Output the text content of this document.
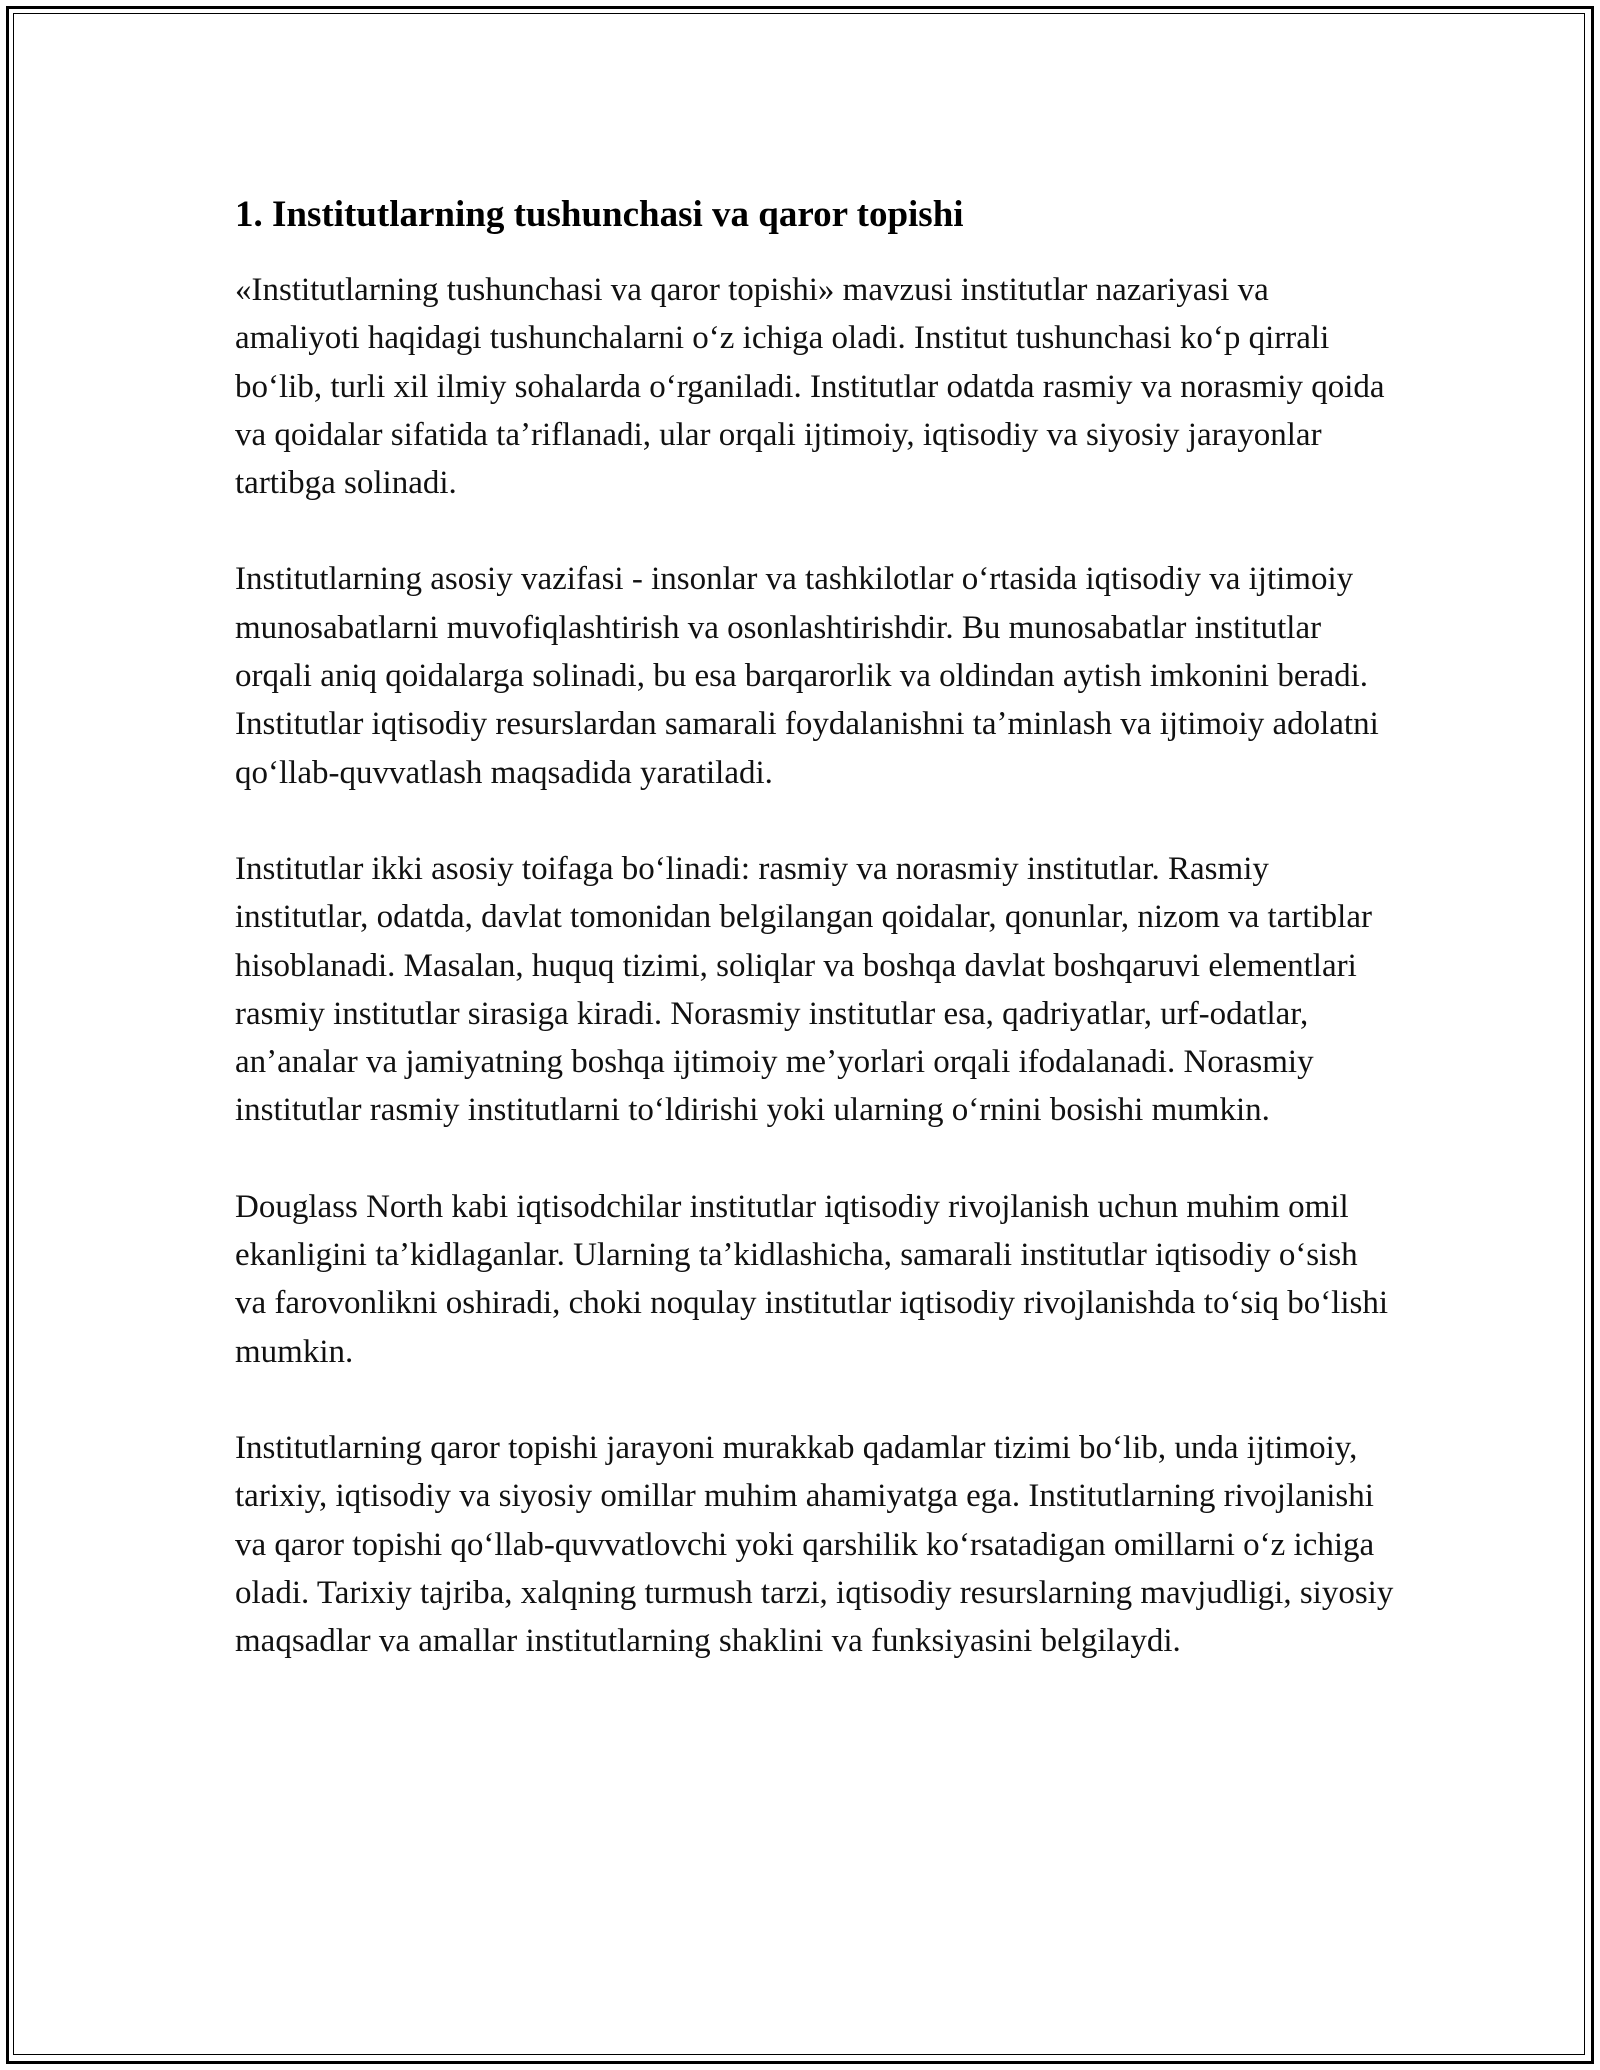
1. Institutlarning tushunchasi va qaror topishi

«Institutlarning tushunchasi va qaror topishi» mavzusi institutlar nazariyasi va amaliyoti haqidagi tushunchalarni oʻz ichiga oladi. Institut tushunchasi koʻp qirrali boʻlib, turli xil ilmiy sohalarda oʻrganiladi. Institutlar odatda rasmiy va norasmiy qoida va qoidalar sifatida taʼriflanadi, ular orqali ijtimoiy, iqtisodiy va siyosiy jarayonlar tartibga solinadi.

Institutlarning asosiy vazifasi - insonlar va tashkilotlar oʻrtasida iqtisodiy va ijtimoiy munosabatlarni muvofiqlashtirish va osonlashtirishdir. Bu munosabatlar institutlar orqali aniq qoidalarga solinadi, bu esa barqarorlik va oldindan aytish imkonini beradi. Institutlar iqtisodiy resurslardan samarali foydalanishni taʼminlash va ijtimoiy adolatni qoʻllab-quvvatlash maqsadida yaratiladi.

Institutlar ikki asosiy toifaga boʻlinadi: rasmiy va norasmiy institutlar. Rasmiy institutlar, odatda, davlat tomonidan belgilangan qoidalar, qonunlar, nizom va tartiblar hisoblanadi. Masalan, huquq tizimi, soliqlar va boshqa davlat boshqaruvi elementlari rasmiy institutlar sirasiga kiradi. Norasmiy institutlar esa, qadriyatlar, urf-odatlar, anʼanalar va jamiyatning boshqa ijtimoiy meʼyorlari orqali ifodalanadi. Norasmiy institutlar rasmiy institutlarni toʻldirishi yoki ularning oʻrnini bosishi mumkin.

Douglass North kabi iqtisodchilar institutlar iqtisodiy rivojlanish uchun muhim omil ekanligini taʼkidlaganlar. Ularning taʼkidlashicha, samarali institutlar iqtisodiy oʻsish va farovonlikni oshiradi, choki noqulay institutlar iqtisodiy rivojlanishda toʻsiq boʻlishi mumkin.

Institutlarning qaror topishi jarayoni murakkab qadamlar tizimi boʻlib, unda ijtimoiy, tarixiy, iqtisodiy va siyosiy omillar muhim ahamiyatga ega. Institutlarning rivojlanishi va qaror topishi qoʻllab-quvvatlovchi yoki qarshilik koʻrsatadigan omillarni oʻz ichiga oladi. Tarixiy tajriba, xalqning turmush tarzi, iqtisodiy resurslarning mavjudligi, siyosiy maqsadlar va amallar institutlarning shaklini va funksiyasini belgilaydi.
